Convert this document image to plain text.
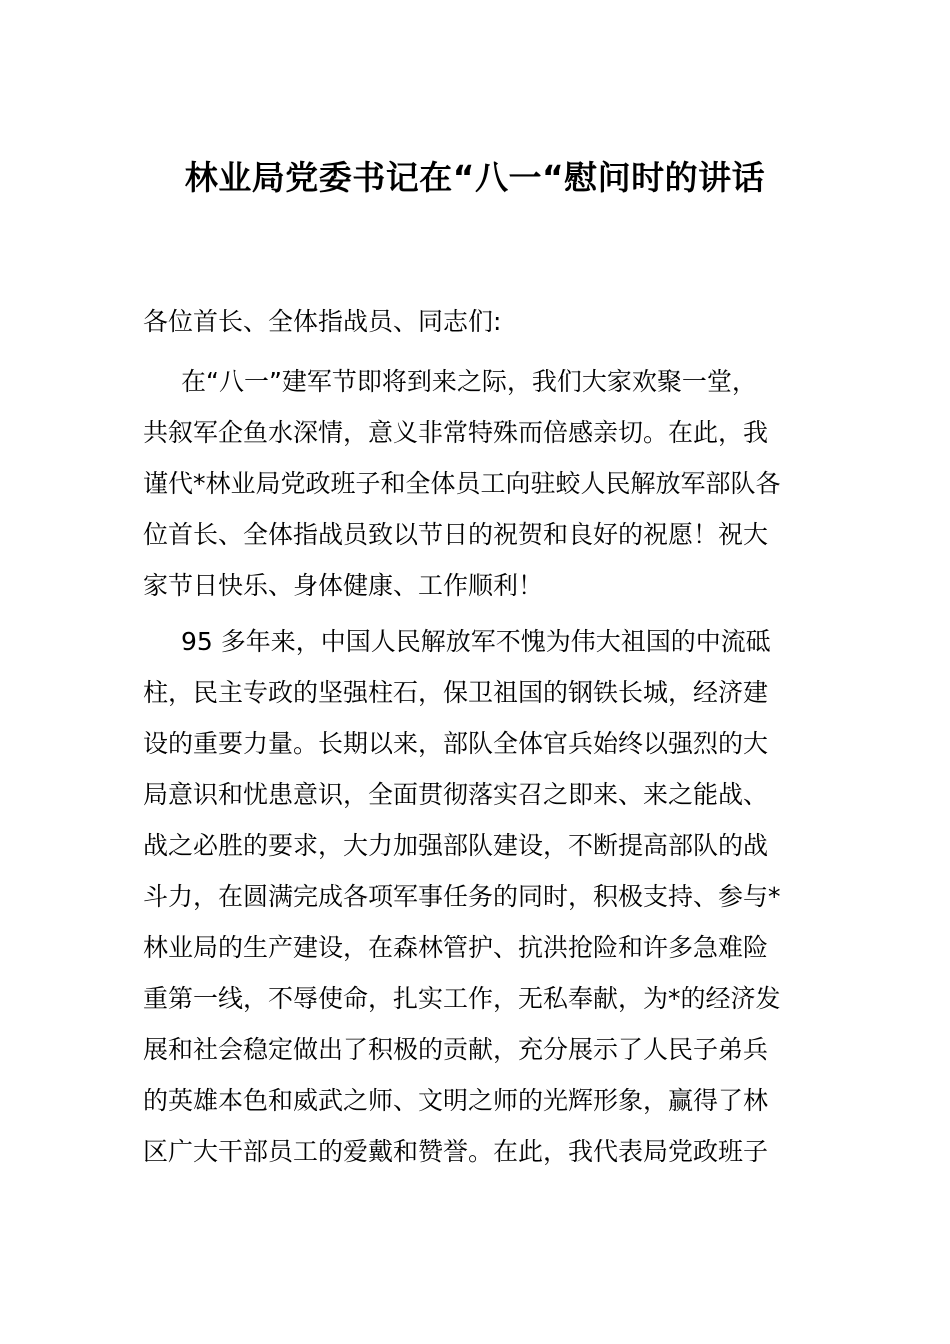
林业局党委书记在“八一“慰问时的讲话
各位首长、全体指战员、同志们:
在“八一”建军节即将到来之际，我们大家欢聚一堂，
共叙军企鱼水深情，意义非常特殊而倍感亲切。在此，我
谨代*林业局党政班子和全体员工向驻蛟人民解放军部队各
位首长、全体指战员致以节日的祝贺和良好的祝愿！祝大
家节日快乐、身体健康、工作顺利！
95 多年来，中国人民解放军不愧为伟大祖国的中流砥
柱，民主专政的坚强柱石，保卫祖国的钢铁长城，经济建
设的重要力量。长期以来，部队全体官兵始终以强烈的大
局意识和忧患意识，全面贯彻落实召之即来、来之能战、
战之必胜的要求，大力加强部队建设，不断提高部队的战
斗力，在圆满完成各项军事任务的同时，积极支持、参与*
林业局的生产建设，在森林管护、抗洪抢险和许多急难险
重第一线，不辱使命，扎实工作，无私奉献，为*的经济发
展和社会稳定做出了积极的贡献，充分展示了人民子弟兵
的英雄本色和威武之师、文明之师的光辉形象，赢得了林
区广大干部员工的爱戴和赞誉。在此，我代表局党政班子
